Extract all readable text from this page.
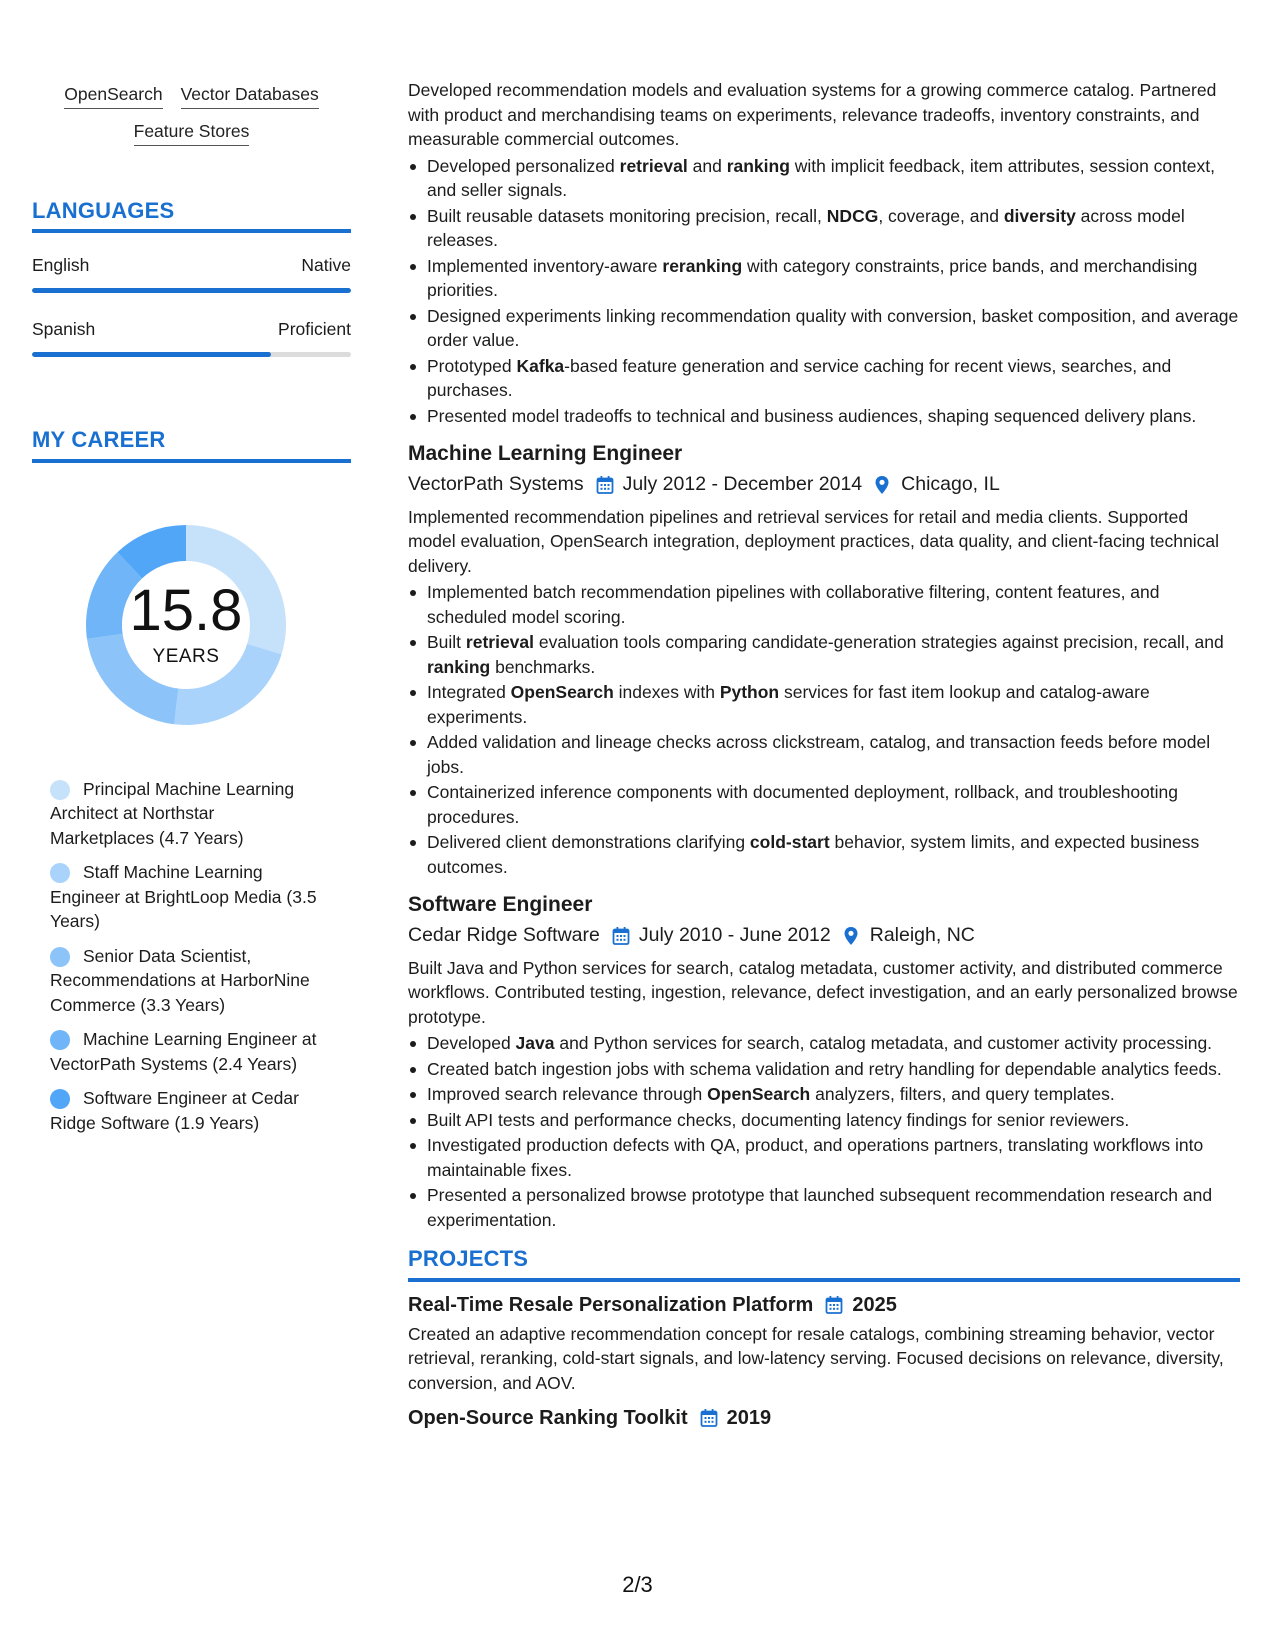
OpenSearch Vector Databases
Feature Stores
LANGUAGES
English	Native
Spanish	Proficient
MY CAREER
15.8
YEARS
Principal Machine Learning Architect at Northstar Marketplaces (4.7 Years)
Staff Machine Learning Engineer at BrightLoop Media (3.5 Years)
Senior Data Scientist, Recommendations at HarborNine Commerce (3.3 Years)
Machine Learning Engineer at VectorPath Systems (2.4 Years)
Software Engineer at Cedar Ridge Software (1.9 Years)

Developed recommendation models and evaluation systems for a growing commerce catalog. Partnered with product and merchandising teams on experiments, relevance tradeoffs, inventory constraints, and measurable commercial outcomes.

Developed personalized retrieval and ranking with implicit feedback, item attributes, session context, and seller signals.
Built reusable datasets monitoring precision, recall, NDCG, coverage, and diversity across model releases.
Implemented inventory-aware reranking with category constraints, price bands, and merchandising priorities.
Designed experiments linking recommendation quality with conversion, basket composition, and average order value.
Prototyped Kafka-based feature generation and service caching for recent views, searches, and purchases.
Presented model tradeoffs to technical and business audiences, shaping sequenced delivery plans.
Machine Learning Engineer
VectorPath Systems July 2012 - December 2014 Chicago, IL

Implemented recommendation pipelines and retrieval services for retail and media clients. Supported model evaluation, OpenSearch integration, deployment practices, data quality, and client-facing technical delivery.

Implemented batch recommendation pipelines with collaborative filtering, content features, and scheduled model scoring.
Built retrieval evaluation tools comparing candidate-generation strategies against precision, recall, and ranking benchmarks.
Integrated OpenSearch indexes with Python services for fast item lookup and catalog-aware experiments.
Added validation and lineage checks across clickstream, catalog, and transaction feeds before model jobs.
Containerized inference components with documented deployment, rollback, and troubleshooting procedures.
Delivered client demonstrations clarifying cold-start behavior, system limits, and expected business outcomes.
Software Engineer
Cedar Ridge Software July 2010 - June 2012 Raleigh, NC

Built Java and Python services for search, catalog metadata, customer activity, and distributed commerce workflows. Contributed testing, ingestion, relevance, defect investigation, and an early personalized browse prototype.

Developed Java and Python services for search, catalog metadata, and customer activity processing.
Created batch ingestion jobs with schema validation and retry handling for dependable analytics feeds.
Improved search relevance through OpenSearch analyzers, filters, and query templates.
Built API tests and performance checks, documenting latency findings for senior reviewers.
Investigated production defects with QA, product, and operations partners, translating workflows into maintainable fixes.
Presented a personalized browse prototype that launched subsequent recommendation research and experimentation.
PROJECTS
Real-Time Resale Personalization Platform 2025

Created an adaptive recommendation concept for resale catalogs, combining streaming behavior, vector retrieval, reranking, cold-start signals, and low-latency serving. Focused decisions on relevance, diversity, conversion, and AOV.

Open-Source Ranking Toolkit 2019
2/3
